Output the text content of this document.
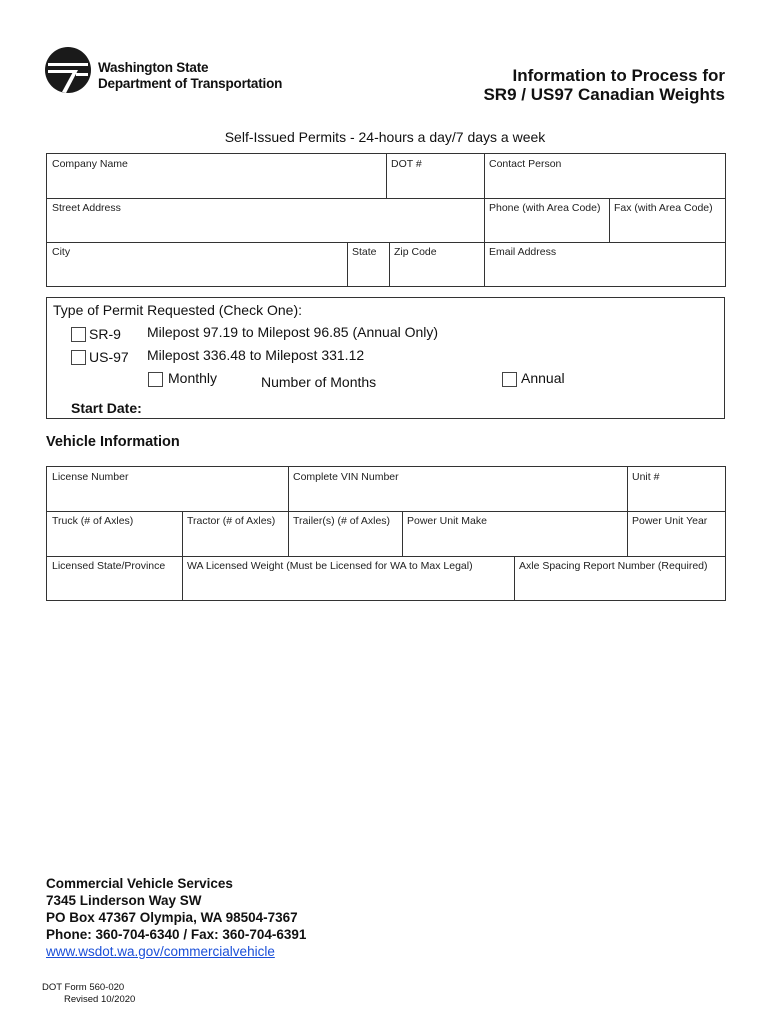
Washington State
Department of Transportation	Information to Process for
SR9 / US97 Canadian Weights
Self-Issued Permits - 24-hours a day/7 days a week
Company Name	DOT #	Contact Person
Street Address	Phone (with Area Code)	Fax (with Area Code)
City	State	Zip Code	Email Address
Type of Permit Requested (Check One):
SR-9 Milepost 97.19 to Milepost 96.85 (Annual Only)
US-97 Milepost 336.48 to Milepost 331.12
Monthly	Number of Months	Annual
Start Date:
Vehicle Information
License Number	Complete VIN Number	Unit #
Truck (# of Axles)	Tractor (# of Axles)	Trailer(s) (# of Axles)	Power Unit Make	Power Unit Year
Licensed State/Province	WA Licensed Weight (Must be Licensed for WA to Max Legal)	Axle Spacing Report Number (Required)
Commercial Vehicle Services
7345 Linderson Way SW
PO Box 47367 Olympia, WA 98504-7367
Phone: 360-704-6340 / Fax: 360-704-6391
www.wsdot.wa.gov/commercialvehicle
DOT Form 560-020
Revised 10/2020
